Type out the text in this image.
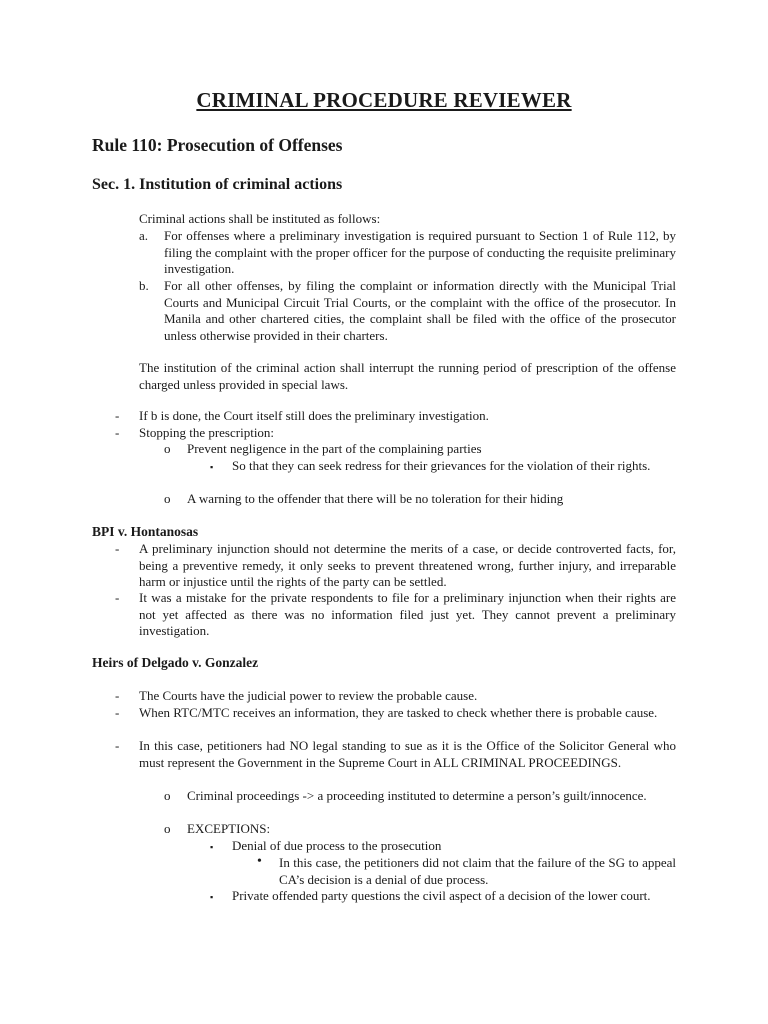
CRIMINAL PROCEDURE REVIEWER
Rule 110: Prosecution of Offenses
Sec. 1. Institution of criminal actions
Criminal actions shall be instituted as follows:
a. For offenses where a preliminary investigation is required pursuant to Section 1 of Rule 112, by filing the complaint with the proper officer for the purpose of conducting the requisite preliminary investigation.
b. For all other offenses, by filing the complaint or information directly with the Municipal Trial Courts and Municipal Circuit Trial Courts, or the complaint with the office of the prosecutor. In Manila and other chartered cities, the complaint shall be filed with the office of the prosecutor unless otherwise provided in their charters.
The institution of the criminal action shall interrupt the running period of prescription of the offense charged unless provided in special laws.
- If b is done, the Court itself still does the preliminary investigation.
- Stopping the prescription:
o Prevent negligence in the part of the complaining parties
▪ So that they can seek redress for their grievances for the violation of their rights.
o A warning to the offender that there will be no toleration for their hiding
BPI v. Hontanosas
- A preliminary injunction should not determine the merits of a case, or decide controverted facts, for, being a preventive remedy, it only seeks to prevent threatened wrong, further injury, and irreparable harm or injustice until the rights of the party can be settled.
- It was a mistake for the private respondents to file for a preliminary injunction when their rights are not yet affected as there was no information filed just yet. They cannot prevent a preliminary investigation.
Heirs of Delgado v. Gonzalez
- The Courts have the judicial power to review the probable cause.
- When RTC/MTC receives an information, they are tasked to check whether there is probable cause.
- In this case, petitioners had NO legal standing to sue as it is the Office of the Solicitor General who must represent the Government in the Supreme Court in ALL CRIMINAL PROCEEDINGS.
o Criminal proceedings -> a proceeding instituted to determine a person’s guilt/innocence.
o EXCEPTIONS:
▪ Denial of due process to the prosecution
• In this case, the petitioners did not claim that the failure of the SG to appeal CA’s decision is a denial of due process.
▪ Private offended party questions the civil aspect of a decision of the lower court.
